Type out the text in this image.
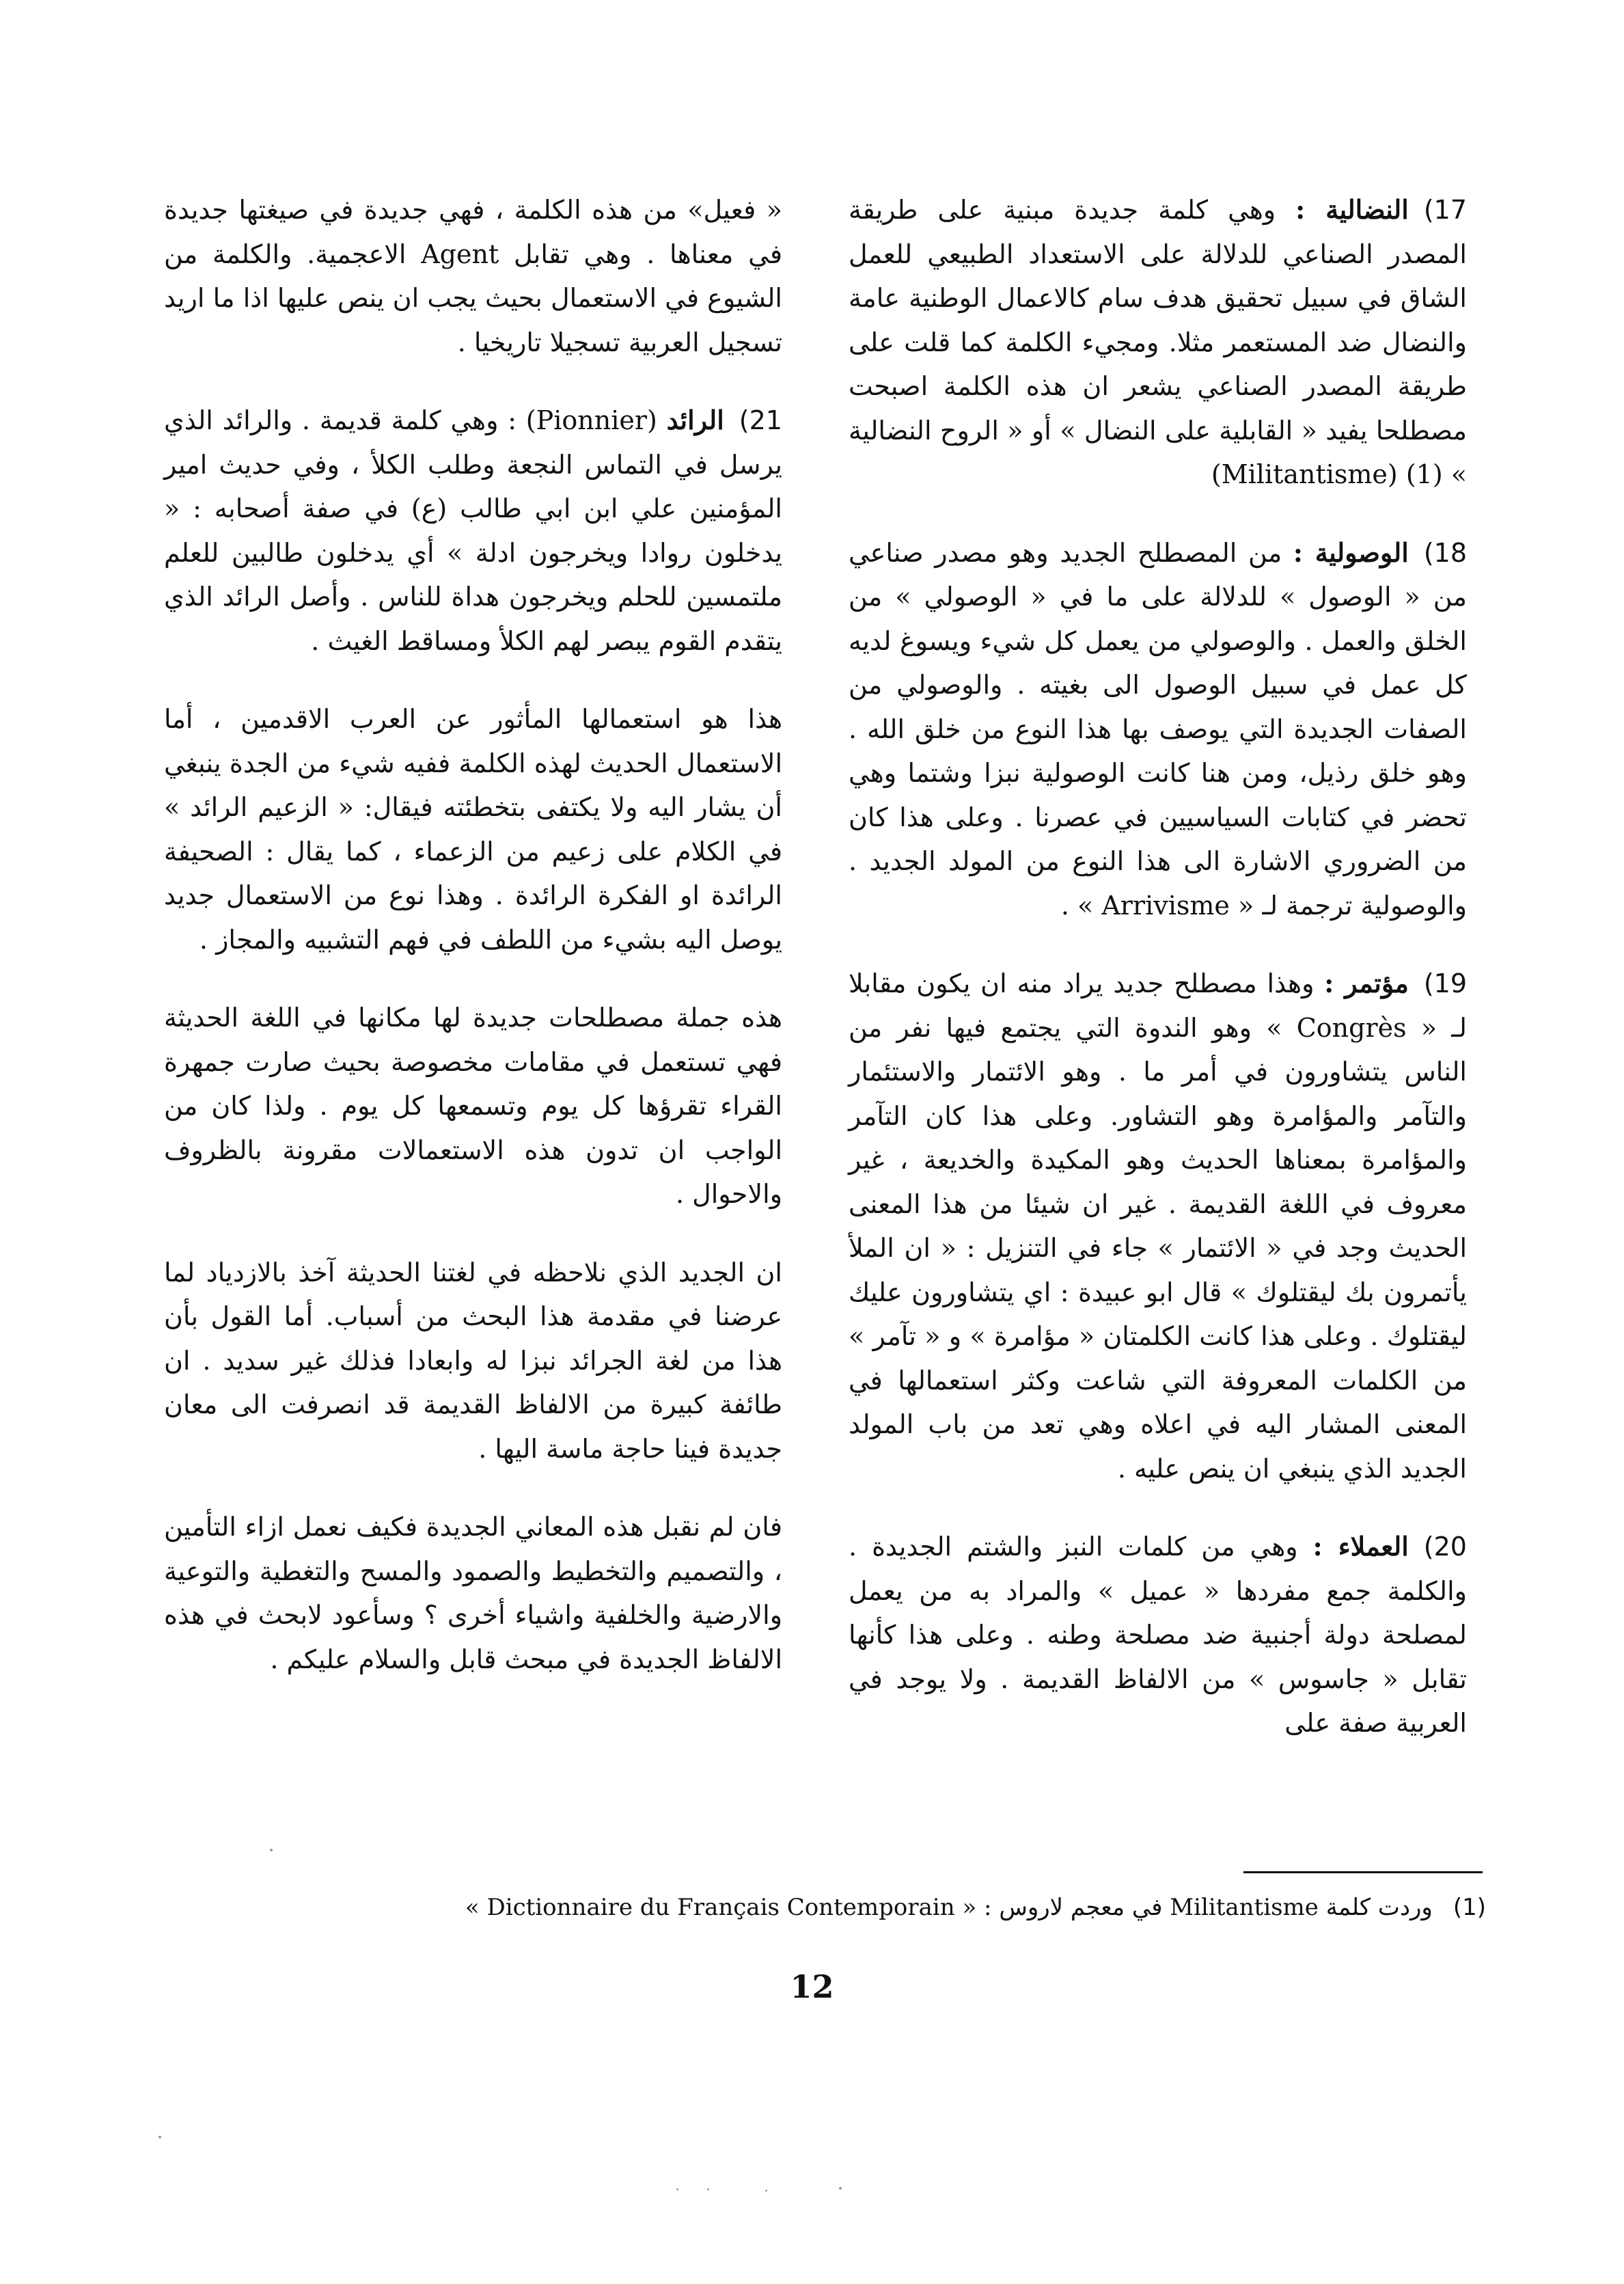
17)النضالية : وهي كلمة جديدة مبنية على طريقة المصدر الصناعي للدلالة على الاستعداد الطبيعي للعمل الشاق في سبيل تحقيق هدف سام كالاعمال الوطنية عامة والنضال ضد المستعمر مثلا. ومجيء الكلمة كما قلت على طريقة المصدر الصناعي يشعر ان هذه الكلمة اصبحت مصطلحا يفيد « القابلية على النضال » أو « الروح النضالية » (1) (Militantisme)

18)الوصولية : من المصطلح الجديد وهو مصدر صناعي من « الوصول » للدلالة على ما في « الوصولي » من الخلق والعمل . والوصولي من يعمل كل شيء ويسوغ لديه كل عمل في سبيل الوصول الى بغيته . والوصولي من الصفات الجديدة التي يوصف بها هذا النوع من خلق الله . وهو خلق رذيل، ومن هنا كانت الوصولية نبزا وشتما وهي تحضر في كتابات السياسيين في عصرنا . وعلى هذا كان من الضروري الاشارة الى هذا النوع من المولد الجديد . والوصولية ترجمة لـ « Arrivisme » .

19)مؤتمر : وهذا مصطلح جديد يراد منه ان يكون مقابلا لـ « Congrès » وهو الندوة التي يجتمع فيها نفر من الناس يتشاورون في أمر ما . وهو الائتمار والاستئمار والتآمر والمؤامرة وهو التشاور. وعلى هذا كان التآمر والمؤامرة بمعناها الحديث وهو المكيدة والخديعة ، غير معروف في اللغة القديمة . غير ان شيئا من هذا المعنى الحديث وجد في « الائتمار » جاء في التنزيل : « ان الملأ يأتمرون بك ليقتلوك » قال ابو عبيدة : اي يتشاورون عليك ليقتلوك . وعلى هذا كانت الكلمتان « مؤامرة » و « تآمر » من الكلمات المعروفة التي شاعت وكثر استعمالها في المعنى المشار اليه في اعلاه وهي تعد من باب المولد الجديد الذي ينبغي ان ينص عليه .

20)العملاء : وهي من كلمات النبز والشتم الجديدة . والكلمة جمع مفردها « عميل » والمراد به من يعمل لمصلحة دولة أجنبية ضد مصلحة وطنه . وعلى هذا كأنها تقابل « جاسوس » من الالفاظ القديمة . ولا يوجد في العربية صفة على

« فعيل» من هذه الكلمة ، فهي جديدة في صيغتها جديدة في معناها . وهي تقابل Agent الاعجمية. والكلمة من الشيوع في الاستعمال بحيث يجب ان ينص عليها اذا ما اريد تسجيل العربية تسجيلا تاريخيا .

21)الرائد (Pionnier) : وهي كلمة قديمة . والرائد الذي يرسل في التماس النجعة وطلب الكلأ ، وفي حديث امير المؤمنين علي ابن ابي طالب (ع) في صفة أصحابه : « يدخلون روادا ويخرجون ادلة » أي يدخلون طالبين للعلم ملتمسين للحلم ويخرجون هداة للناس . وأصل الرائد الذي يتقدم القوم يبصر لهم الكلأ ومساقط الغيث .

هذا هو استعمالها المأثور عن العرب الاقدمين ، أما الاستعمال الحديث لهذه الكلمة ففيه شيء من الجدة ينبغي أن يشار اليه ولا يكتفى بتخطئته فيقال: « الزعيم الرائد » في الكلام على زعيم من الزعماء ، كما يقال : الصحيفة الرائدة او الفكرة الرائدة . وهذا نوع من الاستعمال جديد يوصل اليه بشيء من اللطف في فهم التشبيه والمجاز .

هذه جملة مصطلحات جديدة لها مكانها في اللغة الحديثة فهي تستعمل في مقامات مخصوصة بحيث صارت جمهرة القراء تقرؤها كل يوم وتسمعها كل يوم . ولذا كان من الواجب ان تدون هذه الاستعمالات مقرونة بالظروف والاحوال .

ان الجديد الذي نلاحظه في لغتنا الحديثة آخذ بالازدياد لما عرضنا في مقدمة هذا البحث من أسباب. أما القول بأن هذا من لغة الجرائد نبزا له وابعادا فذلك غير سديد . ان طائفة كبيرة من الالفاظ القديمة قد انصرفت الى معان جديدة فينا حاجة ماسة اليها .

فان لم نقبل هذه المعاني الجديدة فكيف نعمل ازاء التأمين ، والتصميم والتخطيط والصمود والمسح والتغطية والتوعية والارضية والخلفية واشياء أخرى ؟ وسأعود لابحث في هذه الالفاظ الجديدة في مبحث قابل والسلام عليكم .

(1)وردت كلمة Militantisme في معجم لاروس : « Dictionnaire du Français Contemporain »
12
